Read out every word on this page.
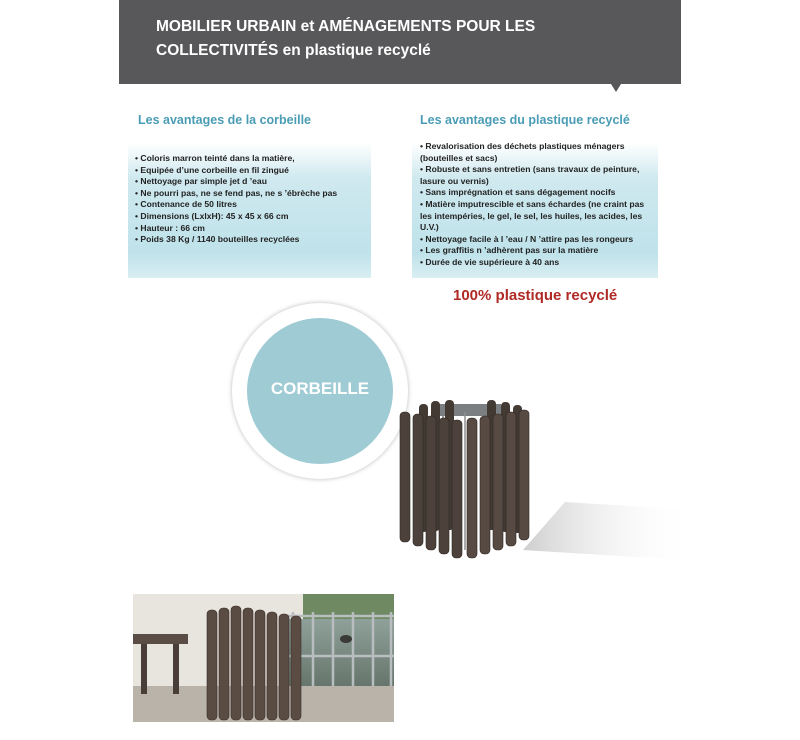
MOBILIER URBAIN et AMÉNAGEMENTS POUR LES
COLLECTIVITÉS en plastique recyclé
Les avantages de la corbeille
• Coloris marron teinté dans la matière,
• Equipée d’une corbeille en fil zingué
• Nettoyage par simple jet d ’eau
• Ne pourri pas, ne se fend pas, ne s ’ébrèche pas
• Contenance de 50 litres
• Dimensions (LxlxH): 45 x 45 x 66 cm
• Hauteur : 66 cm
• Poids 38 Kg / 1140 bouteilles recyclées
Les avantages du plastique recyclé
• Revalorisation des déchets plastiques ménagers (bouteilles et sacs)
• Robuste et sans entretien (sans travaux de peinture, lasure ou vernis)
• Sans imprégnation et sans dégagement nocifs
• Matière imputrescible et sans échardes (ne craint pas les intempéries, le gel, le sel, les huiles, les acides, les U.V.)
• Nettoyage facile à l ’eau / N ’attire pas les rongeurs
• Les graffitis n ’adhèrent pas sur la matière
• Durée de vie supérieure à 40 ans
100% plastique recyclé
CORBEILLE
